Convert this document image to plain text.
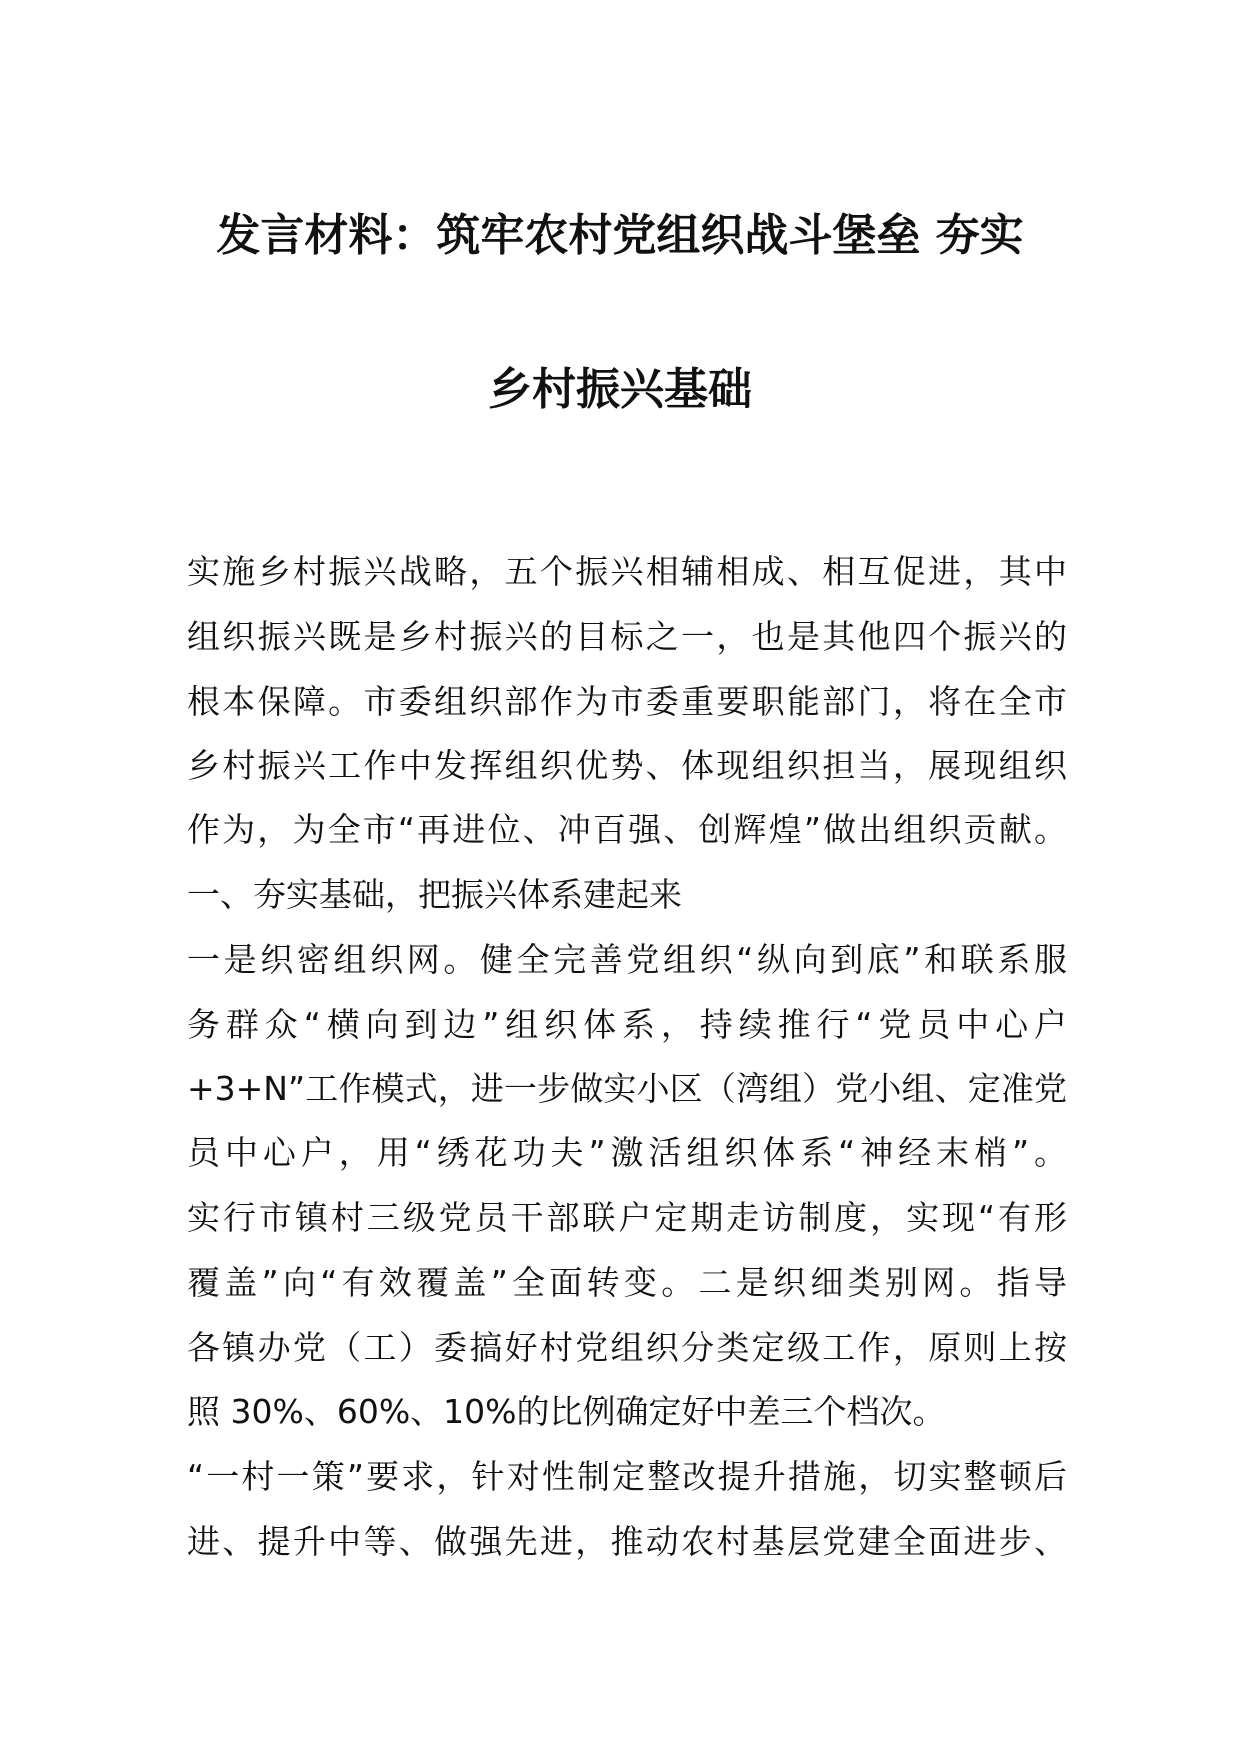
发言材料：筑牢农村党组织战斗堡垒 夯实
乡村振兴基础
实施乡村振兴战略，五个振兴相辅相成、相互促进，其中
组织振兴既是乡村振兴的目标之一，也是其他四个振兴的
根本保障。市委组织部作为市委重要职能部门，将在全市
乡村振兴工作中发挥组织优势、体现组织担当，展现组织
作为，为全市“再进位、冲百强、创辉煌”做出组织贡献。
一、夯实基础，把振兴体系建起来
一是织密组织网。健全完善党组织“纵向到底”和联系服
务群众“横向到边”组织体系，持续推行“党员中心户
+3+N”工作模式，进一步做实小区（湾组）党小组、定准党
员中心户，用“绣花功夫”激活组织体系“神经末梢”。
实行市镇村三级党员干部联户定期走访制度，实现“有形
覆盖”向“有效覆盖”全面转变。二是织细类别网。指导
各镇办党（工）委搞好村党组织分类定级工作，原则上按
照 30%、60%、10%的比例确定好中差三个档次。
“一村一策”要求，针对性制定整改提升措施，切实整顿后
进、提升中等、做强先进，推动农村基层党建全面进步、
